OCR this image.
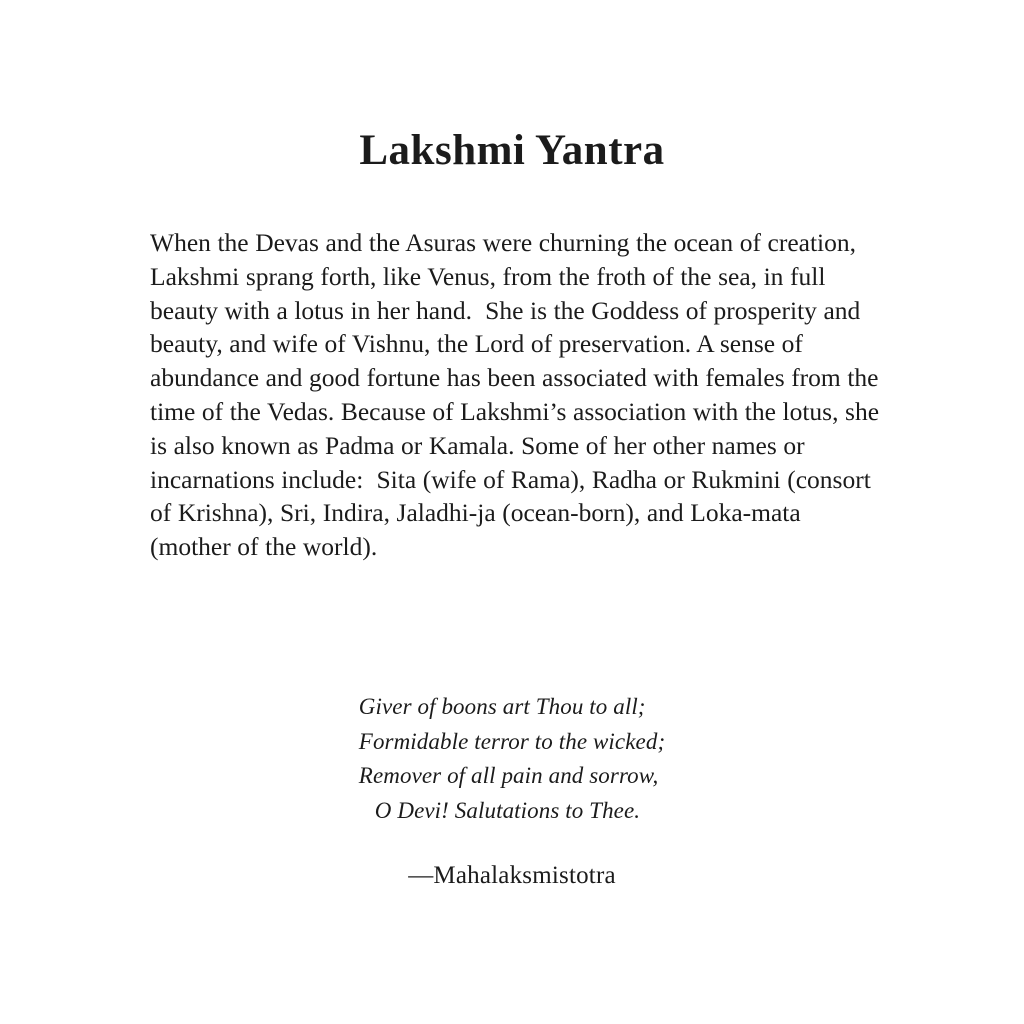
Lakshmi Yantra

When the Devas and the Asuras were churning the ocean of creation, Lakshmi sprang forth, like Venus, from the froth of the sea, in full beauty with a lotus in her hand.  She is the Goddess of prosperity and beauty, and wife of Vishnu, the Lord of preservation. A sense of abundance and good fortune has been associated with females from the time of the Vedas. Because of Lakshmi’s association with the lotus, she is also known as Padma or Kamala. Some of her other names or incarnations include:  Sita (wife of Rama), Radha or Rukmini (consort of Krishna), Sri, Indira, Jaladhi-ja (ocean-born), and Loka-mata (mother of the world).

Giver of boons art Thou to all;
Formidable terror to the wicked;
Remover of all pain and sorrow,
O Devi! Salutations to Thee.
—Mahalaksmistotra
